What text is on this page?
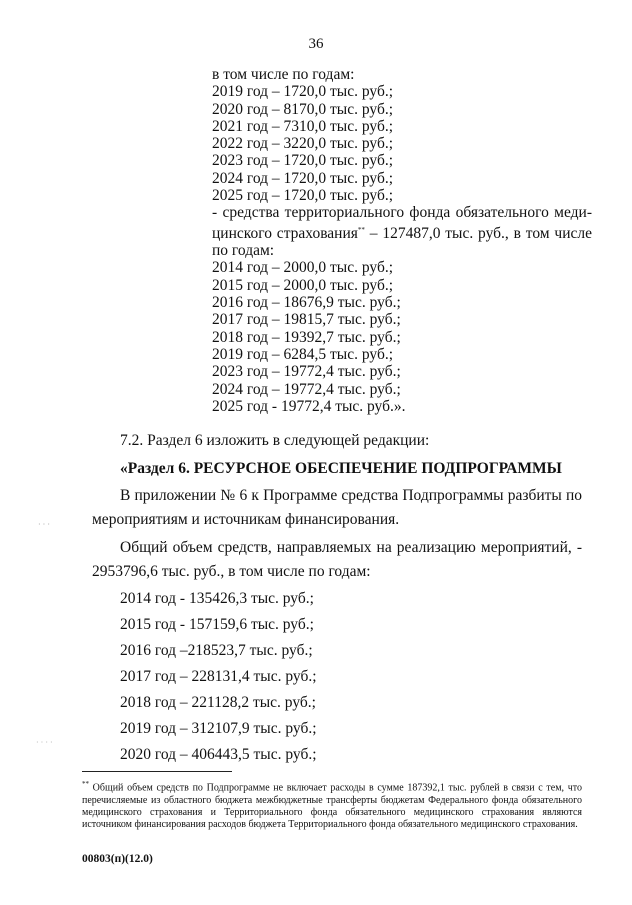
36
в том числе по годам:
2019 год – 1720,0 тыс. руб.;
2020 год – 8170,0 тыс. руб.;
2021 год – 7310,0 тыс. руб.;
2022 год – 3220,0 тыс. руб.;
2023 год – 1720,0 тыс. руб.;
2024 год – 1720,0 тыс. руб.;
2025 год – 1720,0 тыс. руб.;
- средства территориального фонда обязательного меди-
цинского страхования** – 127487,0 тыс. руб., в том числе
по годам:
2014 год – 2000,0 тыс. руб.;
2015 год – 2000,0 тыс. руб.;
2016 год – 18676,9 тыс. руб.;
2017 год – 19815,7 тыс. руб.;
2018 год – 19392,7 тыс. руб.;
2019 год – 6284,5 тыс. руб.;
2023 год – 19772,4 тыс. руб.;
2024 год – 19772,4 тыс. руб.;
2025 год - 19772,4 тыс. руб.».
7.2. Раздел 6 изложить в следующей редакции:
«Раздел 6. РЕСУРСНОЕ ОБЕСПЕЧЕНИЕ ПОДПРОГРАММЫ
В приложении № 6 к Программе средства Подпрограммы разбиты по
мероприятиям и источникам финансирования.
Общий объем средств, направляемых на реализацию мероприятий, -
2953796,6 тыс. руб., в том числе по годам:
2014 год - 135426,3 тыс. руб.;
2015 год - 157159,6 тыс. руб.;
2016 год –218523,7 тыс. руб.;
2017 год – 228131,4 тыс. руб.;
2018 год – 221128,2 тыс. руб.;
2019 год – 312107,9 тыс. руб.;
2020 год – 406443,5 тыс. руб.;
· · ·
· · · ·
** Общий объем средств по Подпрограмме не включает расходы в сумме 187392,1 тыс. рублей в связи с тем, что перечисляемые из областного бюджета межбюджетные трансферты бюджетам Федерального фонда обязательного медицинского страхования и Территориального фонда обязательного медицинского страхования являются источником финансирования расходов бюджета Территориального фонда обязательного медицинского страхования.
00803(п)(12.0)
